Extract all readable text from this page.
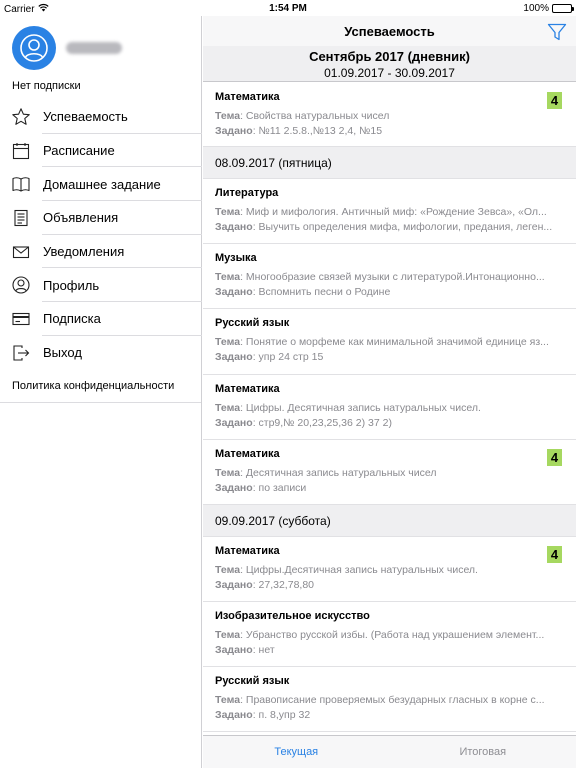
Carrier	1:54 PM	100%
Нет подписки
Успеваемость
Расписание
Домашнее задание
Объявления
Уведомления
Профиль
Подписка
Выход
Политика конфиденциальности
Успеваемость
Сентябрь 2017 (дневник)
01.09.2017 - 30.09.2017
Математика
Тема: Свойства натуральных чисел
Задано: №11 2.5.8.,№13 2,4, №15
4
08.09.2017 (пятница)
Литература
Тема: Миф и мифология. Античный миф: «Рождение Зевса», «Ол...
Задано: Выучить определения мифа, мифологии, предания, леген...
Музыка
Тема: Многообразие связей музыки с литературой.Интонационно...
Задано: Вспомнить песни о Родине
Русский язык
Тема: Понятие о морфеме как минимальной значимой единице яз...
Задано: упр 24 стр 15
Математика
Тема: Цифры. Десятичная запись натуральных чисел.
Задано: стр9,№ 20,23,25,36 2) 37 2)
Математика
Тема: Десятичная запись натуральных чисел
Задано: по записи
4
09.09.2017 (суббота)
Математика
Тема: Цифры.Десятичная запись натуральных чисел.
Задано: 27,32,78,80
4
Изобразительное искусство
Тема: Убранство русской избы. (Работа над украшением элемент...
Задано: нет
Русский язык
Тема: Правописание проверяемых безударных гласных в корне с...
Задано: п. 8,упр 32
Текущая	Итоговая
